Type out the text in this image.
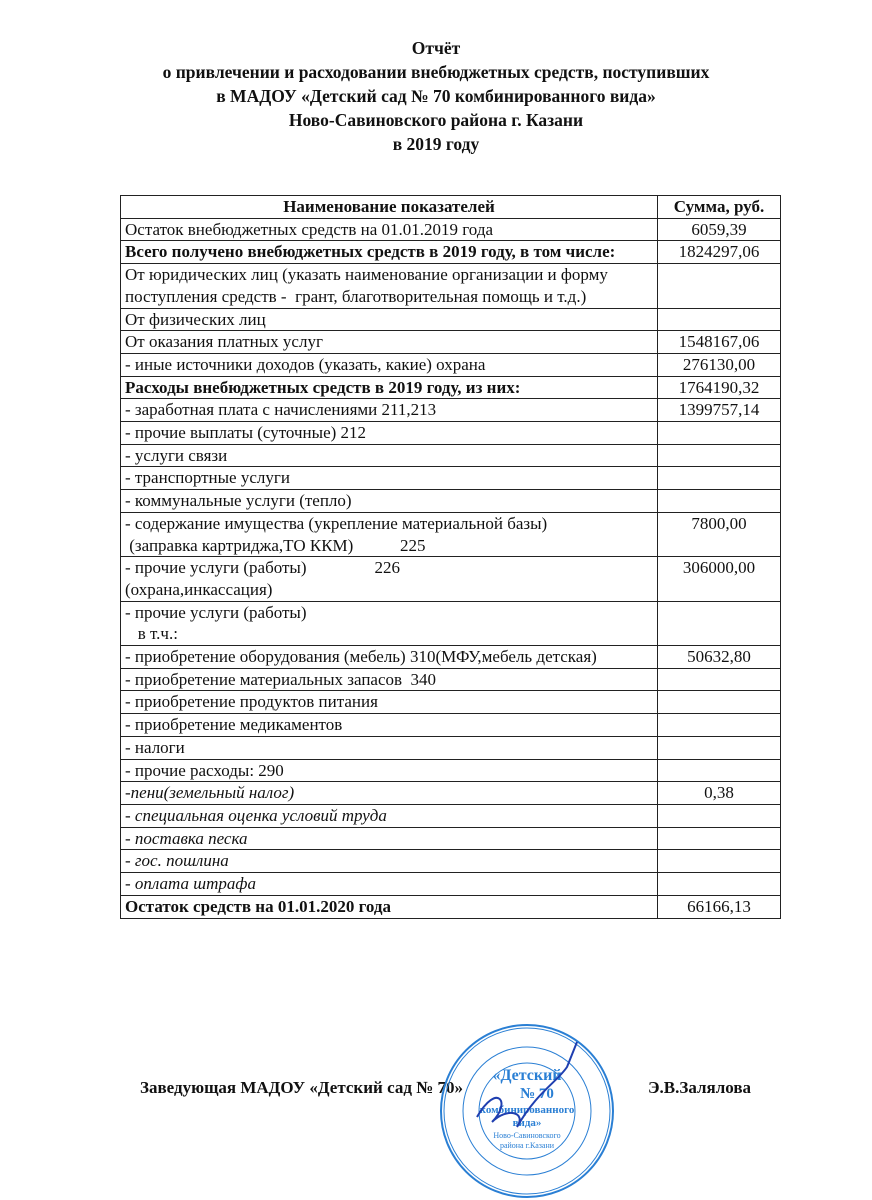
Отчёт
о привлечении и расходовании внебюджетных средств, поступивших
в МАДОУ «Детский сад № 70 комбинированного вида»
Ново-Савиновского района г. Казани
в 2019 году
Наименование показателей	Сумма, руб.
Остаток внебюджетных средств на 01.01.2019 года	6059,39
Всего получено внебюджетных средств в 2019 году, в том числе:	1824297,06
От юридических лиц (указать наименование организации и форму поступления средств -  грант, благотворительная помощь и т.д.)	
От физических лиц	
От оказания платных услуг	1548167,06
- иные источники доходов (указать, какие) охрана	276130,00
Расходы внебюджетных средств в 2019 году, из них:	1764190,32
- заработная плата с начислениями 211,213	1399757,14
- прочие выплаты (суточные) 212	
- услуги связи	
- транспортные услуги	
- коммунальные услуги (тепло)	
- содержание имущества (укрепление материальной базы)
(заправка картриджа,ТО ККМ)           225	7800,00
- прочие услуги (работы)                226
(охрана,инкассация)	306000,00
- прочие услуги (работы)
в т.ч.:	
- приобретение оборудования (мебель) 310(МФУ,мебель детская)	50632,80
- приобретение материальных запасов  340	
- приобретение продуктов питания	
- приобретение медикаментов	
- налоги	
- прочие расходы: 290	
-пени(земельный налог)	0,38
- специальная оценка условий труда	
- поставка песка	
- гос. пошлина	
- оплата штрафа	
Остаток средств на 01.01.2020 года	66166,13
Заведующая МАДОУ «Детский сад № 70»	Э.В.Залялова
«Детский
№ 70
комбинированного
вида»
Ново-Савиновского
района г.Казани
